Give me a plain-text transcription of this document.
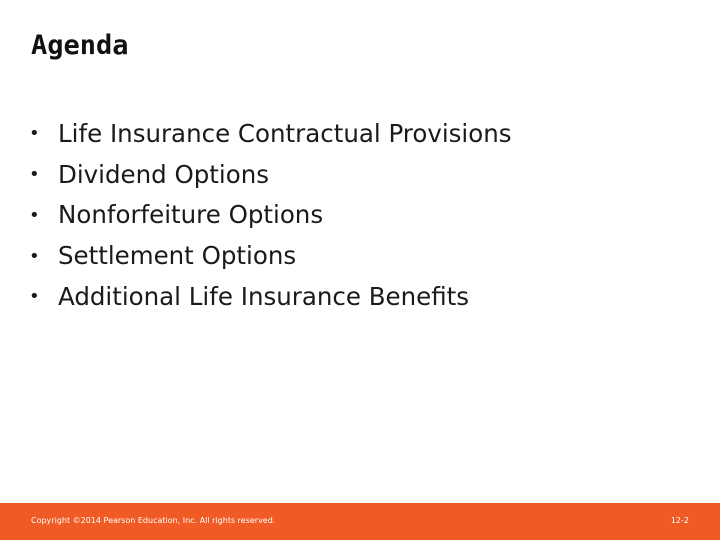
Agenda
• Life Insurance Contractual Provisions
• Dividend Options
• Nonforfeiture Options
• Settlement Options
• Additional Life Insurance Benefits
Copyright ©2014 Pearson Education, Inc. All rights reserved.	12-2
